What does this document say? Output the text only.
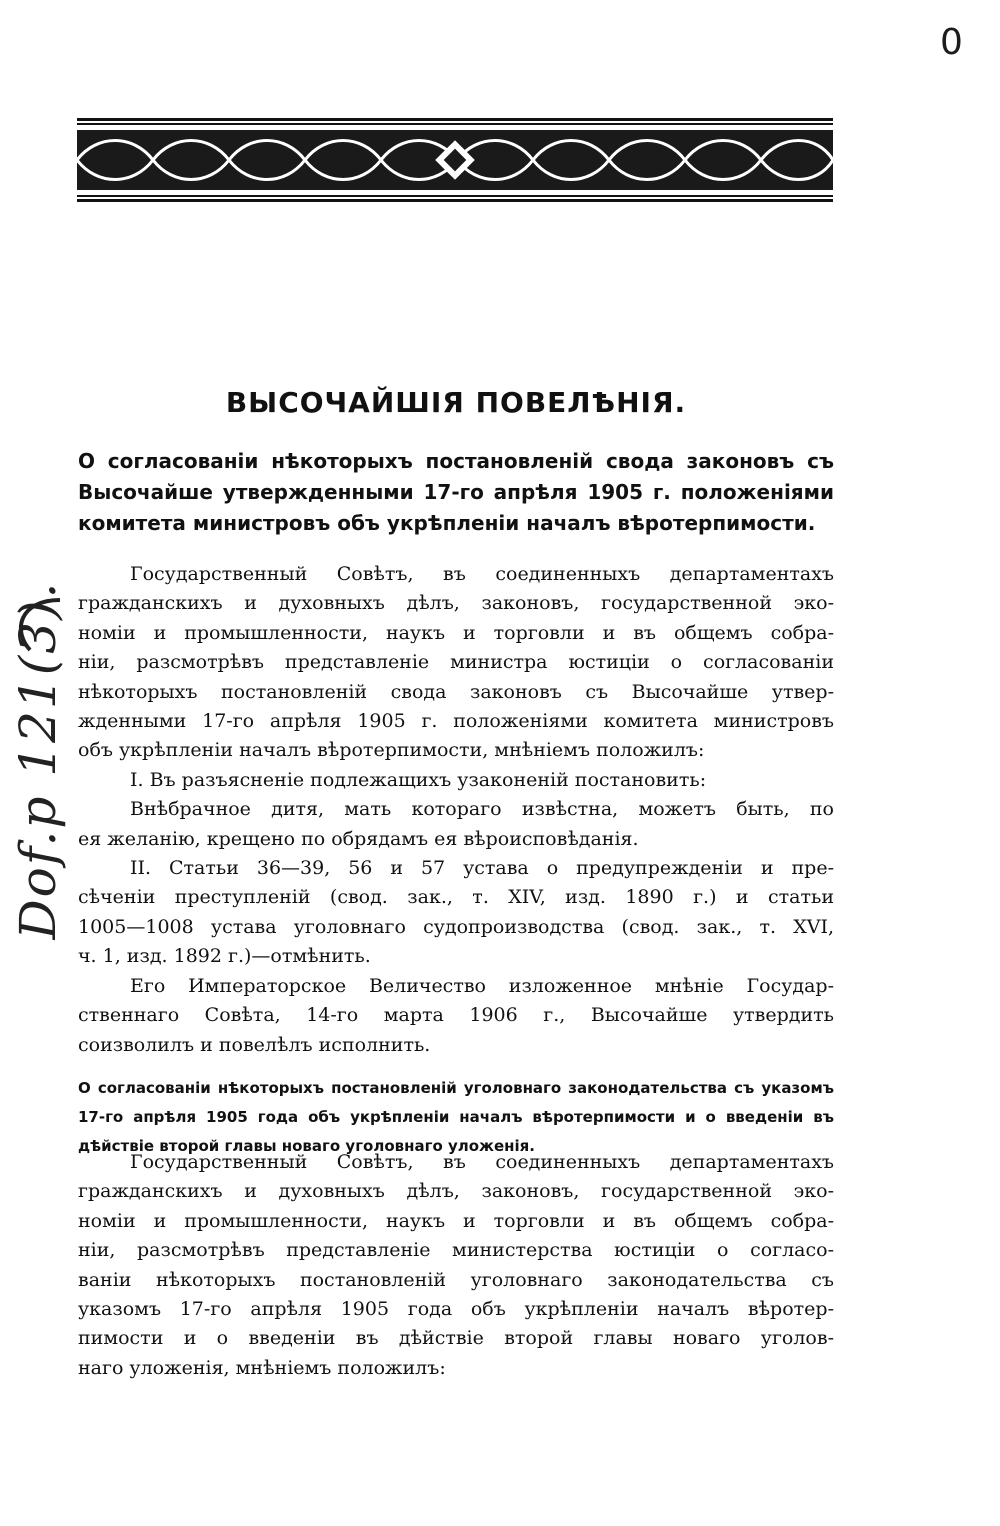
0
Dof.p 121(3).
ВЫСОЧАЙШІЯ ПОВЕЛѢНІЯ.
О согласованіи нѣкоторыхъ постановленій свода законовъ съ Высочайше утвержденными 17-го апрѣля 1905 г. положеніями комитета министровъ объ укрѣпленіи началъ вѣротерпимости.
Государственный Совѣтъ, въ соединенныхъ департаментахъ
гражданскихъ и духовныхъ дѣлъ, законовъ, государственной эко-
номіи и промышленности, наукъ и торговли и въ общемъ собра-
ніи, разсмотрѣвъ представленіе министра юстиціи о согласованіи
нѣкоторыхъ постановленій свода законовъ съ Высочайше утвер-
жденными 17-го апрѣля 1905 г. положеніями комитета министровъ
объ укрѣпленіи началъ вѣротерпимости, мнѣніемъ положилъ:
I. Въ разъясненіе подлежащихъ узаконеній постановить:
Внѣбрачное дитя, мать котораго извѣстна, можетъ быть, по
ея желанію, крещено по обрядамъ ея вѣроисповѣданія.
II. Статьи 36—39, 56 и 57 устава о предупрежденіи и пре-
сѣченіи преступленій (свод. зак., т. XIV, изд. 1890 г.) и статьи
1005—1008 устава уголовнаго судопроизводства (свод. зак., т. XVI,
ч. 1, изд. 1892 г.)—отмѣнить.
Его Императорское Величество изложенное мнѣніе Государ-
ственнаго Совѣта, 14-го марта 1906 г., Высочайше утвердить
соизволилъ и повелѣлъ исполнить.
О согласованіи нѣкоторыхъ постановленій уголовнаго законодательства съ указомъ 17-го апрѣля 1905 года объ укрѣпленіи началъ вѣротерпимости и о введеніи въ дѣйствіе второй главы новаго уголовнаго уложенія.
Государственный Совѣтъ, въ соединенныхъ департаментахъ
гражданскихъ и духовныхъ дѣлъ, законовъ, государственной эко-
номіи и промышленности, наукъ и торговли и въ общемъ собра-
ніи, разсмотрѣвъ представленіе министерства юстиціи о согласо-
ваніи нѣкоторыхъ постановленій уголовнаго законодательства съ
указомъ 17-го апрѣля 1905 года объ укрѣпленіи началъ вѣротер-
пимости и о введеніи въ дѣйствіе второй главы новаго уголов-
наго уложенія, мнѣніемъ положилъ:
